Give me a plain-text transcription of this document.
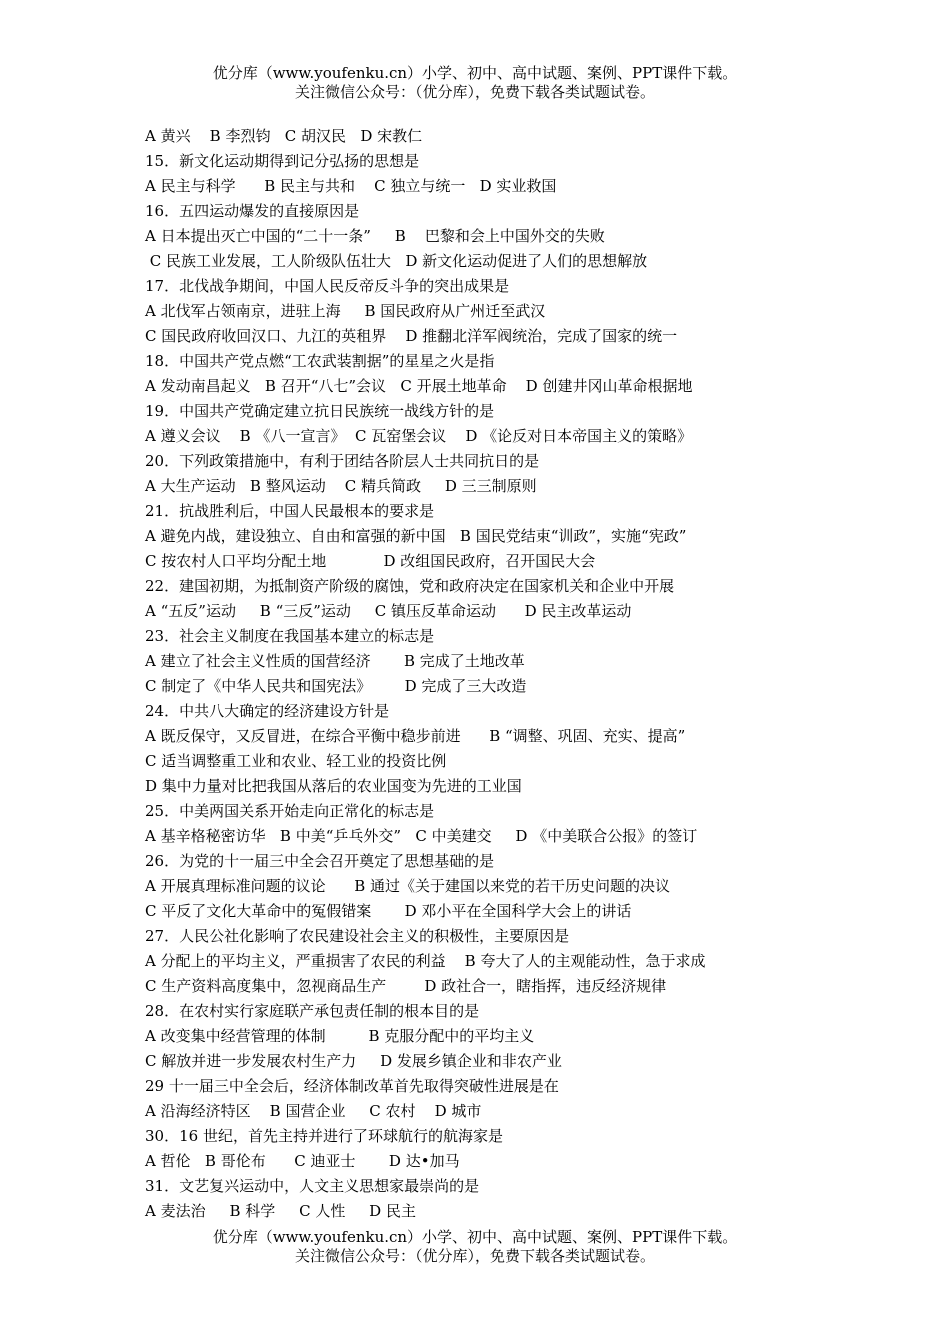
优分库（www.youfenku.cn）小学、初中、高中试题、案例、PPT课件下载。
关注微信公众号：（优分库），免费下载各类试题试卷。
A 黄兴    B 李烈钧   C 胡汉民   D 宋教仁
15．新文化运动期得到记分弘扬的思想是
A 民主与科学      B 民主与共和    C 独立与统一   D 实业救国
16．五四运动爆发的直接原因是
A 日本提出灭亡中国的“二十一条”     B    巴黎和会上中国外交的失败
C 民族工业发展，工人阶级队伍壮大   D 新文化运动促进了人们的思想解放
17．北伐战争期间，中国人民反帝反斗争的突出成果是
A 北伐军占领南京，进驻上海     B 国民政府从广州迁至武汉
C 国民政府收回汉口、九江的英租界    D 推翻北洋军阀统治，完成了国家的统一
18．中国共产党点燃“工农武装割据”的星星之火是指
A 发动南昌起义   B 召开“八七”会议   C 开展土地革命    D 创建井冈山革命根据地
19．中国共产党确定建立抗日民族统一战线方针的是
A 遵义会议    B 《八一宣言》  C 瓦窑堡会议    D 《论反对日本帝国主义的策略》
20．下列政策措施中，有利于团结各阶层人士共同抗日的是
A 大生产运动   B 整风运动    C 精兵简政     D 三三制原则
21．抗战胜利后，中国人民最根本的要求是
A 避免内战，建设独立、自由和富强的新中国   B 国民党结束“训政”，实施“宪政”
C 按农村人口平均分配土地            D 改组国民政府，召开国民大会
22．建国初期，为抵制资产阶级的腐蚀，党和政府决定在国家机关和企业中开展
A “五反”运动     B “三反”运动     C 镇压反革命运动      D 民主改革运动
23．社会主义制度在我国基本建立的标志是
A 建立了社会主义性质的国营经济       B 完成了土地改革
C 制定了《中华人民共和国宪法》       D 完成了三大改造
24．中共八大确定的经济建设方针是
A 既反保守，又反冒进，在综合平衡中稳步前进      B “调整、巩固、充实、提高”
C 适当调整重工业和农业、轻工业的投资比例
D 集中力量对比把我国从落后的农业国变为先进的工业国
25．中美两国关系开始走向正常化的标志是
A 基辛格秘密访华   B 中美“乒乓外交”   C 中美建交     D 《中美联合公报》的签订
26．为党的十一届三中全会召开奠定了思想基础的是
A 开展真理标准问题的议论      B 通过《关于建国以来党的若干历史问题的决议
C 平反了文化大革命中的冤假错案       D 邓小平在全国科学大会上的讲话
27．人民公社化影响了农民建设社会主义的积极性，主要原因是
A 分配上的平均主义，严重损害了农民的利益    B 夸大了人的主观能动性，急于求成
C 生产资料高度集中，忽视商品生产        D 政社合一，瞎指挥，违反经济规律
28．在农村实行家庭联产承包责任制的根本目的是
A 改变集中经营管理的体制         B 克服分配中的平均主义
C 解放并进一步发展农村生产力     D 发展乡镇企业和非农产业
29 十一届三中全会后，经济体制改革首先取得突破性进展是在
A 沿海经济特区    B 国营企业     C 农村    D 城市
30．16 世纪，首先主持并进行了环球航行的航海家是
A 哲伦   B 哥伦布      C 迪亚士       D 达•加马
31．文艺复兴运动中，人文主义思想家最崇尚的是
A 麦法治     B 科学     C 人性     D 民主
优分库（www.youfenku.cn）小学、初中、高中试题、案例、PPT课件下载。
关注微信公众号：（优分库），免费下载各类试题试卷。
